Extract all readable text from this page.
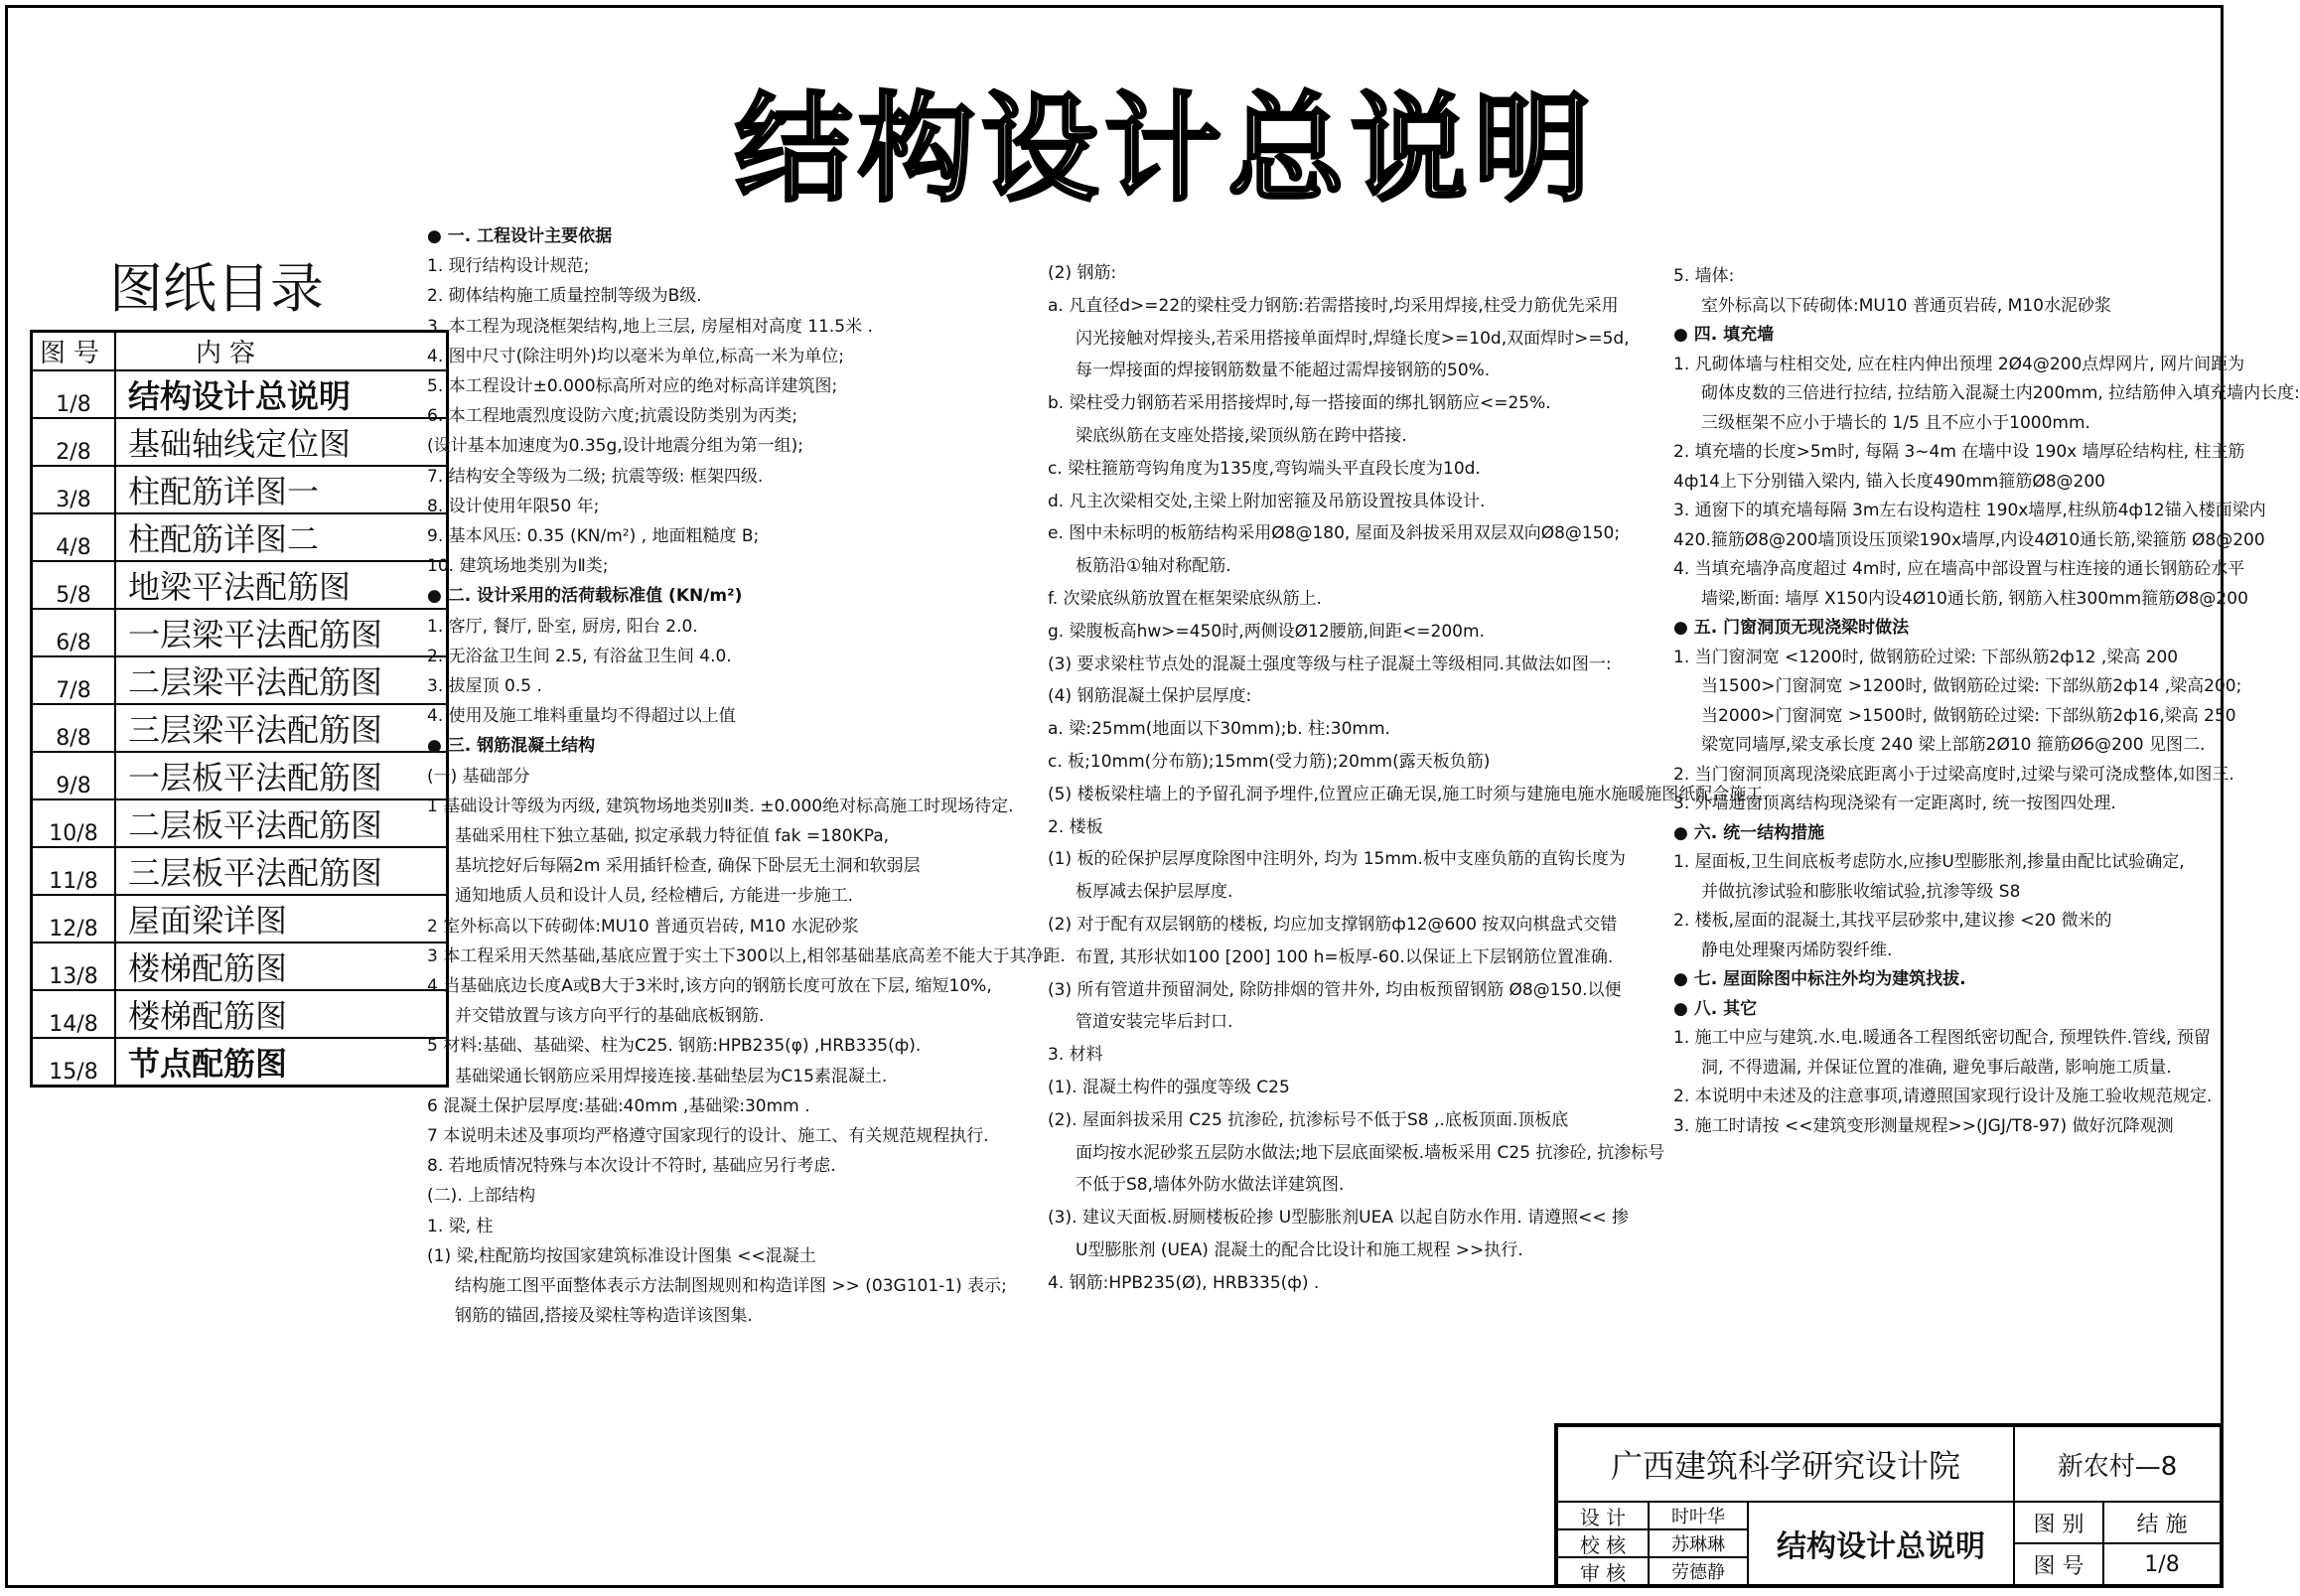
结构设计总说明
图纸目录
图号	内容
1/8	结构设计总说明
2/8	基础轴线定位图
3/8	柱配筋详图一
4/8	柱配筋详图二
5/8	地梁平法配筋图
6/8	一层梁平法配筋图
7/8	二层梁平法配筋图
8/8	三层梁平法配筋图
9/8	一层板平法配筋图
10/8	二层板平法配筋图
11/8	三层板平法配筋图
12/8	屋面梁详图
13/8	楼梯配筋图
14/8	楼梯配筋图
15/8	节点配筋图
● 一. 工程设计主要依据
1. 现行结构设计规范;
2. 砌体结构施工质量控制等级为B级.
3. 本工程为现浇框架结构,地上三层, 房屋相对高度 11.5米 .
4. 图中尺寸(除注明外)均以毫米为单位,标高一米为单位;
5. 本工程设计±0.000标高所对应的绝对标高详建筑图;
6. 本工程地震烈度设防六度;抗震设防类别为丙类;
(设计基本加速度为0.35g,设计地震分组为第一组);
7. 结构安全等级为二级; 抗震等级: 框架四级.
8. 设计使用年限50 年;
9. 基本风压: 0.35 (KN/m²) , 地面粗糙度 B;
10. 建筑场地类别为Ⅱ类;
● 二. 设计采用的活荷载标准值 (KN/m²)
1. 客厅, 餐厅, 卧室, 厨房, 阳台 2.0.
2. 无浴盆卫生间 2.5, 有浴盆卫生间 4.0.
3. 拔屋顶 0.5 .
4. 使用及施工堆料重量均不得超过以上值
● 三. 钢筋混凝土结构
(一) 基础部分
1 基础设计等级为丙级, 建筑物场地类别Ⅱ类. ±0.000绝对标高施工时现场待定.
基础采用柱下独立基础, 拟定承载力特征值 fak =180KPa,
基坑挖好后每隔2m 采用插钎检查, 确保下卧层无土洞和软弱层
通知地质人员和设计人员, 经检槽后, 方能进一步施工.
2 室外标高以下砖砌体:MU10 普通页岩砖, M10 水泥砂浆
3 本工程采用天然基础,基底应置于实土下300以上,相邻基础基底高差不能大于其净距.
4 当基础底边长度A或B大于3米时,该方向的钢筋长度可放在下层, 缩短10%,
并交错放置与该方向平行的基础底板钢筋.
5 材料:基础、基础梁、柱为C25. 钢筋:HPB235(φ) ,HRB335(ф).
基础梁通长钢筋应采用焊接连接.基础垫层为C15素混凝土.
6 混凝土保护层厚度:基础:40mm ,基础梁:30mm .
7 本说明未述及事项均严格遵守国家现行的设计、施工、有关规范规程执行.
8. 若地质情况特殊与本次设计不符时, 基础应另行考虑.
(二). 上部结构
1. 梁, 柱
(1) 梁,柱配筋均按国家建筑标准设计图集 <<混凝土
结构施工图平面整体表示方法制图规则和构造详图 >> (03G101-1) 表示;
钢筋的锚固,搭接及梁柱等构造详该图集.
(2) 钢筋:
a. 凡直径d>=22的梁柱受力钢筋:若需搭接时,均采用焊接,柱受力筋优先采用
闪光接触对焊接头,若采用搭接单面焊时,焊缝长度>=10d,双面焊时>=5d,
每一焊接面的焊接钢筋数量不能超过需焊接钢筋的50%.
b. 梁柱受力钢筋若采用搭接焊时,每一搭接面的绑扎钢筋应<=25%.
梁底纵筋在支座处搭接,梁顶纵筋在跨中搭接.
c. 梁柱箍筋弯钩角度为135度,弯钩端头平直段长度为10d.
d. 凡主次梁相交处,主梁上附加密箍及吊筋设置按具体设计.
e. 图中未标明的板筋结构采用Ø8@180, 屋面及斜拔采用双层双向Ø8@150;
板筋沿①轴对称配筋.
f. 次梁底纵筋放置在框架梁底纵筋上.
g. 梁腹板高hw>=450时,两侧设Ø12腰筋,间距<=200m.
(3) 要求梁柱节点处的混凝土强度等级与柱子混凝土等级相同.其做法如图一:
(4) 钢筋混凝土保护层厚度:
a. 梁:25mm(地面以下30mm);b. 柱:30mm.
c. 板;10mm(分布筋);15mm(受力筋);20mm(露天板负筋)
(5) 楼板梁柱墙上的予留孔洞予埋件,位置应正确无误,施工时须与建施电施水施暖施图纸配合施工.
2. 楼板
(1) 板的砼保护层厚度除图中注明外, 均为 15mm.板中支座负筋的直钩长度为
板厚减去保护层厚度.
(2) 对于配有双层钢筋的楼板, 均应加支撑钢筋ф12@600 按双向棋盘式交错
布置, 其形状如100 [200] 100 h=板厚-60.以保证上下层钢筋位置准确.
(3) 所有管道井预留洞处, 除防排烟的管井外, 均由板预留钢筋 Ø8@150.以便
管道安装完毕后封口.
3. 材料
(1). 混凝土构件的强度等级 C25
(2). 屋面斜拔采用 C25 抗渗砼, 抗渗标号不低于S8 ,.底板顶面.顶板底
面均按水泥砂浆五层防水做法;地下层底面梁板.墙板采用 C25 抗渗砼, 抗渗标号
不低于S8,墙体外防水做法详建筑图.
(3). 建议天面板.厨厕楼板砼掺 U型膨胀剂UEA 以起自防水作用. 请遵照<< 掺
U型膨胀剂 (UEA) 混凝土的配合比设计和施工规程 >>执行.
4. 钢筋:HPB235(Ø), HRB335(ф) .
5. 墙体:
室外标高以下砖砌体:MU10 普通页岩砖, M10水泥砂浆
● 四. 填充墙
1. 凡砌体墙与柱相交处, 应在柱内伸出预埋 2Ø4@200点焊网片, 网片间距为
砌体皮数的三倍进行拉结, 拉结筋入混凝土内200mm, 拉结筋伸入填充墙内长度:
三级框架不应小于墙长的 1/5 且不应小于1000mm.
2. 填充墙的长度>5m时, 每隔 3~4m 在墙中设 190x 墙厚砼结构柱, 柱主筋
4ф14上下分别锚入梁内, 锚入长度490mm箍筋Ø8@200
3. 通窗下的填充墙每隔 3m左右设构造柱 190x墙厚,柱纵筋4ф12锚入楼面梁内
420.箍筋Ø8@200墙顶设压顶梁190x墙厚,内设4Ø10通长筋,梁箍筋 Ø8@200
4. 当填充墙净高度超过 4m时, 应在墙高中部设置与柱连接的通长钢筋砼水平
墙梁,断面: 墙厚 X150内设4Ø10通长筋, 钢筋入柱300mm箍筋Ø8@200
● 五. 门窗洞顶无现浇梁时做法
1. 当门窗洞宽 <1200时, 做钢筋砼过梁: 下部纵筋2ф12 ,梁高 200
当1500>门窗洞宽 >1200时, 做钢筋砼过梁: 下部纵筋2ф14 ,梁高200;
当2000>门窗洞宽 >1500时, 做钢筋砼过梁: 下部纵筋2ф16,梁高 250
梁宽同墙厚,梁支承长度 240 梁上部筋2Ø10 箍筋Ø6@200 见图二.
2. 当门窗洞顶离现浇梁底距离小于过梁高度时,过梁与梁可浇成整体,如图三.
3. 外墙通窗顶离结构现浇梁有一定距离时, 统一按图四处理.
● 六. 统一结构措施
1. 屋面板,卫生间底板考虑防水,应掺U型膨胀剂,掺量由配比试验确定,
并做抗渗试验和膨胀收缩试验,抗渗等级 S8
2. 楼板,屋面的混凝土,其找平层砂浆中,建议掺 <20 微米的
静电处理聚丙烯防裂纤维.
● 七. 屋面除图中标注外均为建筑找拔.
● 八. 其它
1. 施工中应与建筑.水.电.暖通各工程图纸密切配合, 预埋铁件.管线, 预留
洞, 不得遗漏, 并保证位置的准确, 避免事后敲凿, 影响施工质量.
2. 本说明中未述及的注意事项,请遵照国家现行设计及施工验收规范规定.
3. 施工时请按 <<建筑变形测量规程>>(JGJ/T8-97) 做好沉降观测
广西建筑科学研究设计院	新农村—8
设 计	时叶华
校 核	苏琳琳
审 核	劳德静
结构设计总说明
图 别	结 施
图 号	1/8
